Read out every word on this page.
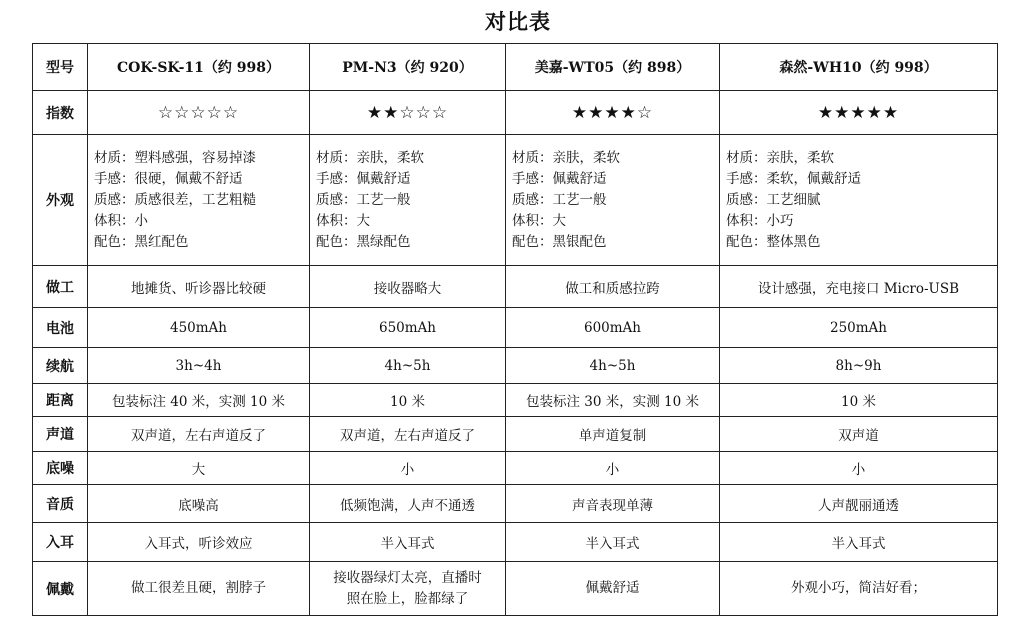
对比表
型号	COK-SK-11（约 998）	PM-N3（约 920）	美嘉-WT05（约 898）	森然-WH10（约 998）
指数	☆☆☆☆☆	★★☆☆☆	★★★★☆	★★★★★
外观	材质：塑料感强，容易掉漆
手感：很硬，佩戴不舒适
质感：质感很差，工艺粗糙
体积：小
配色：黑红配色	材质：亲肤，柔软
手感：佩戴舒适
质感：工艺一般
体积：大
配色：黑绿配色	材质：亲肤，柔软
手感：佩戴舒适
质感：工艺一般
体积：大
配色：黑银配色	材质：亲肤，柔软
手感：柔软，佩戴舒适
质感：工艺细腻
体积：小巧
配色：整体黑色

做工	地摊货、听诊器比较硬	接收器略大	做工和质感拉跨	设计感强，充电接口 Micro-USB
电池	450mAh	650mAh	600mAh	250mAh
续航	3h~4h	4h~5h	4h~5h	8h~9h
距离	包装标注 40 米，实测 10 米	10 米	包装标注 30 米，实测 10 米	10 米
声道	双声道，左右声道反了	双声道，左右声道反了	单声道复制	双声道
底噪	大	小	小	小
音质	底噪高	低频饱满，人声不通透	声音表现单薄	人声靓丽通透
入耳	入耳式，听诊效应	半入耳式	半入耳式	半入耳式
佩戴	做工很差且硬，割脖子	接收器绿灯太亮，直播时
照在脸上，脸都绿了	佩戴舒适	外观小巧，简洁好看；
